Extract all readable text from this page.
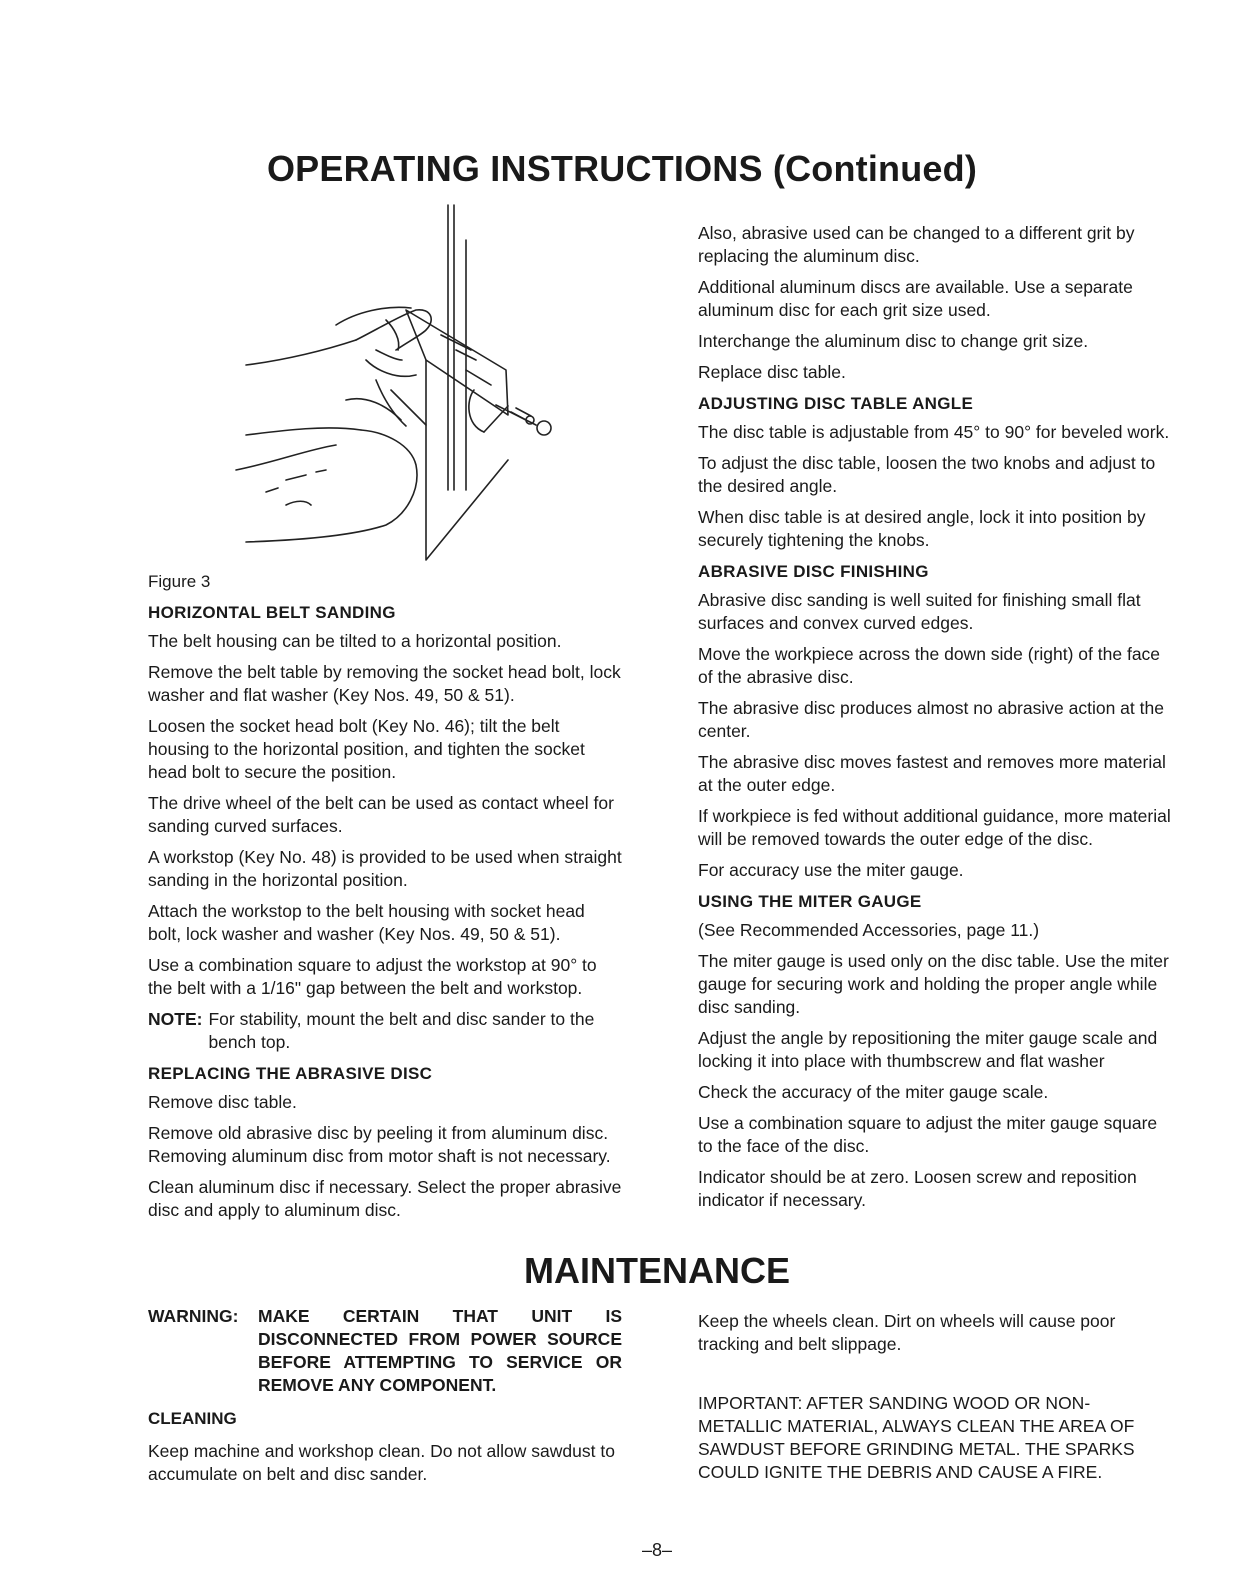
OPERATING INSTRUCTIONS (Continued)

Figure 3

HORIZONTAL BELT SANDING

The belt housing can be tilted to a horizontal position.

Remove the belt table by removing the socket head bolt, lock washer and flat washer (Key Nos. 49, 50 & 51).

Loosen the socket head bolt (Key No. 46); tilt the belt housing to the horizontal position, and tighten the socket head bolt to secure the position.

The drive wheel of the belt can be used as contact wheel for sanding curved surfaces.

A workstop (Key No. 48) is provided to be used when straight sanding in the horizontal position.

Attach the workstop to the belt housing with socket head bolt, lock washer and washer (Key Nos. 49, 50 & 51).

Use a combination square to adjust the workstop at 90° to the belt with a 1/16" gap between the belt and workstop.

NOTE: For stability, mount the belt and disc sander to the bench top.
REPLACING THE ABRASIVE DISC

Remove disc table.

Remove old abrasive disc by peeling it from aluminum disc. Removing aluminum disc from motor shaft is not necessary.

Clean aluminum disc if necessary. Select the proper abrasive disc and apply to aluminum disc.

Also, abrasive used can be changed to a different grit by replacing the aluminum disc.

Additional aluminum discs are available. Use a separate aluminum disc for each grit size used.

Interchange the aluminum disc to change grit size.

Replace disc table.

ADJUSTING DISC TABLE ANGLE

The disc table is adjustable from 45° to 90° for beveled work.

To adjust the disc table, loosen the two knobs and adjust to the desired angle.

When disc table is at desired angle, lock it into position by securely tightening the knobs.

ABRASIVE DISC FINISHING

Abrasive disc sanding is well suited for finishing small flat surfaces and convex curved edges.

Move the workpiece across the down side (right) of the face of the abrasive disc.

The abrasive disc produces almost no abrasive action at the center.

The abrasive disc moves fastest and removes more material at the outer edge.

If workpiece is fed without additional guidance, more material will be removed towards the outer edge of the disc.

For accuracy use the miter gauge.

USING THE MITER GAUGE

(See Recommended Accessories, page 11.)

The miter gauge is used only on the disc table. Use the miter gauge for securing work and holding the proper angle while disc sanding.

Adjust the angle by repositioning the miter gauge scale and locking it into place with thumbscrew and flat washer

Check the accuracy of the miter gauge scale.

Use a combination square to adjust the miter gauge square to the face of the disc.

Indicator should be at zero. Loosen screw and reposition indicator if necessary.

MAINTENANCE
WARNING:	MAKE CERTAIN THAT UNIT IS DISCONNECTED FROM POWER SOURCE BEFORE ATTEMPTING TO SERVICE OR REMOVE ANY COMPONENT.
CLEANING

Keep machine and workshop clean. Do not allow sawdust to accumulate on belt and disc sander.

Keep the wheels clean. Dirt on wheels will cause poor tracking and belt slippage.

IMPORTANT: AFTER SANDING WOOD OR NON-METALLIC MATERIAL, ALWAYS CLEAN THE AREA OF SAWDUST BEFORE GRINDING METAL. THE SPARKS COULD IGNITE THE DEBRIS AND CAUSE A FIRE.

–8–
